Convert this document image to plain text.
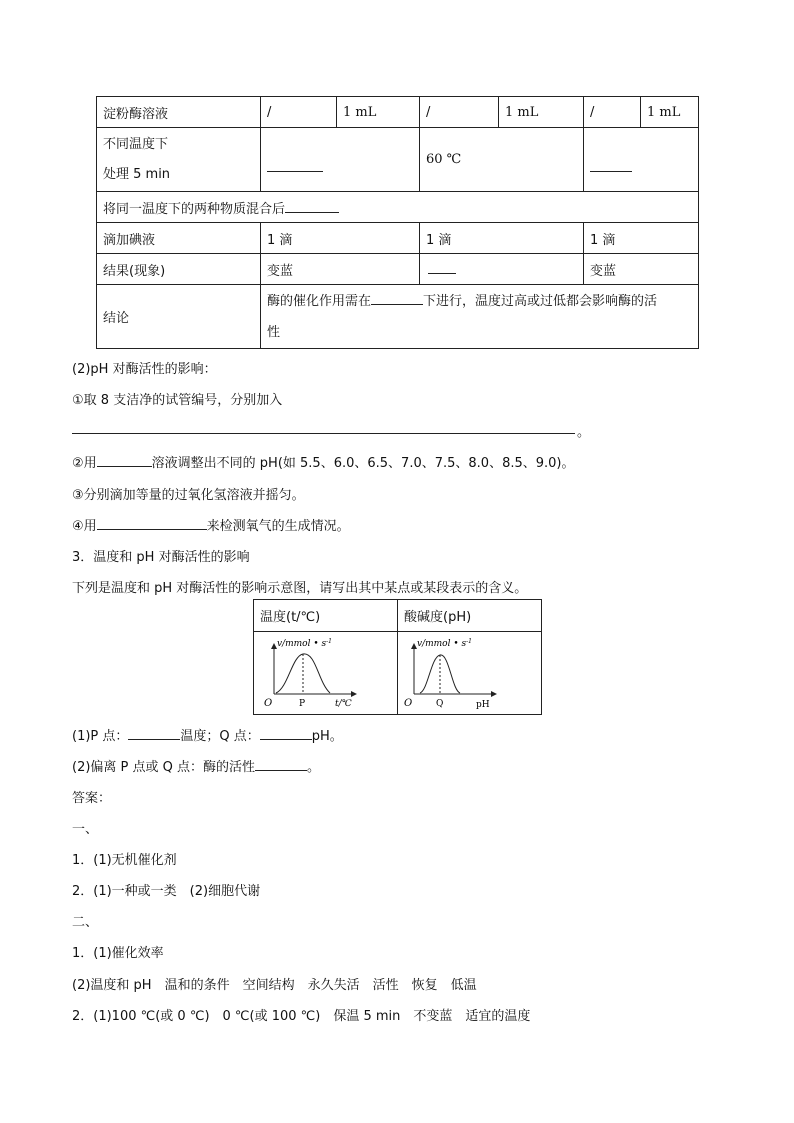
淀粉酶溶液	/	1 mL	/	1 mL	/	1 mL

不同温度下
处理 5 min			60 ℃			
将同一温度下的两种物质混合后						
滴加碘液	1 滴		1 滴		1 滴	
结果(现象)	变蓝				变蓝	
结论	酶的催化作用需在 下进行，温度过高或过低都会影响酶的活
性					
(2)pH 对酶活性的影响：
①取 8 支洁净的试管编号，分别加入
。
②用	溶液调整出不同的 pH(如 5.5、6.0、6.5、7.0、7.5、8.0、8.5、9.0)。
③分别滴加等量的过氧化氢溶液并摇匀。
④用	来检测氧气的生成情况。
3．温度和 pH 对酶活性的影响
下列是温度和 pH 对酶活性的影响示意图，请写出其中某点或某段表示的含义。
温度(t/℃)	酸碱度(pH)

v/mmol • $s^{-1}$
O P t/℃	v/mmol • $s^{-1}$
O Q pH
(1)P 点：	温度；Q 点：	pH。
(2)偏离 P 点或 Q 点：酶的活性	。
答案：
一、
1．(1)无机催化剂
2．(1)一种或一类　(2)细胞代谢
二、
1．(1)催化效率
(2)温度和 pH　温和的条件　空间结构　永久失活　活性　恢复　低温
2．(1)100 ℃(或 0 ℃)　0 ℃(或 100 ℃)　保温 5 min　不变蓝　适宜的温度
